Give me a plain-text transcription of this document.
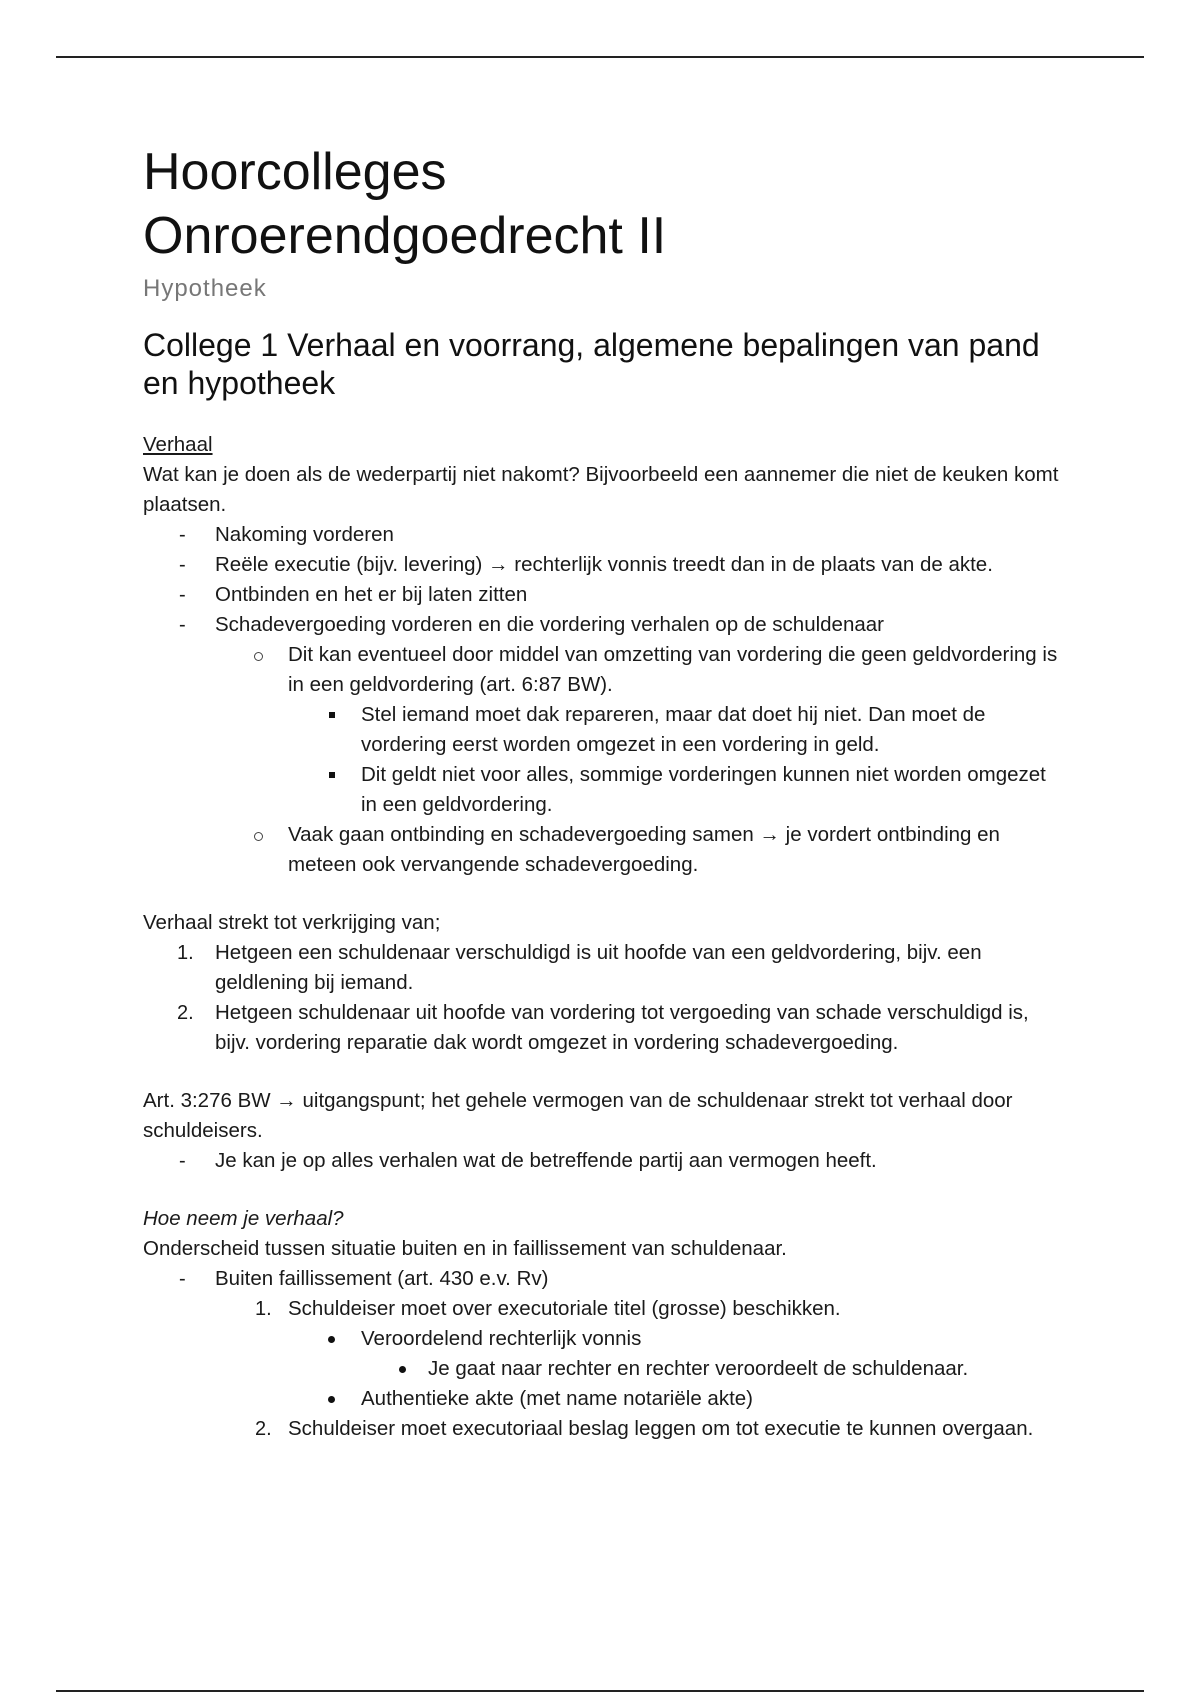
Hoorcolleges
Onroerendgoedrecht II
Hypotheek
College 1 Verhaal en voorrang, algemene bepalingen van pand en hypotheek

Verhaal

Wat kan je doen als de wederpartij niet nakomt? Bijvoorbeeld een aannemer die niet de keuken komt plaatsen.

- Nakoming vorderen
- Reële executie (bijv. levering) → rechterlijk vonnis treedt dan in de plaats van de akte.
- Ontbinden en het er bij laten zitten
- Schadevergoeding vorderen en die vordering verhalen op de schuldenaar
Dit kan eventueel door middel van omzetting van vordering die geen geldvordering is in een geldvordering (art. 6:87 BW).
Stel iemand moet dak repareren, maar dat doet hij niet. Dan moet de vordering eerst worden omgezet in een vordering in geld.
Dit geldt niet voor alles, sommige vorderingen kunnen niet worden omgezet in een geldvordering.
Vaak gaan ontbinding en schadevergoeding samen → je vordert ontbinding en meteen ook vervangende schadevergoeding.

Verhaal strekt tot verkrijging van;

1. Hetgeen een schuldenaar verschuldigd is uit hoofde van een geldvordering, bijv. een geldlening bij iemand.
2. Hetgeen schuldenaar uit hoofde van vordering tot vergoeding van schade verschuldigd is, bijv. vordering reparatie dak wordt omgezet in vordering schadevergoeding.

Art. 3:276 BW → uitgangspunt; het gehele vermogen van de schuldenaar strekt tot verhaal door schuldeisers.

- Je kan je op alles verhalen wat de betreffende partij aan vermogen heeft.

Hoe neem je verhaal?

Onderscheid tussen situatie buiten en in faillissement van schuldenaar.

- Buiten faillissement (art. 430 e.v. Rv)
1. Schuldeiser moet over executoriale titel (grosse) beschikken.
Veroordelend rechterlijk vonnis
Je gaat naar rechter en rechter veroordeelt de schuldenaar.
Authentieke akte (met name notariële akte)
2. Schuldeiser moet executoriaal beslag leggen om tot executie te kunnen overgaan.
